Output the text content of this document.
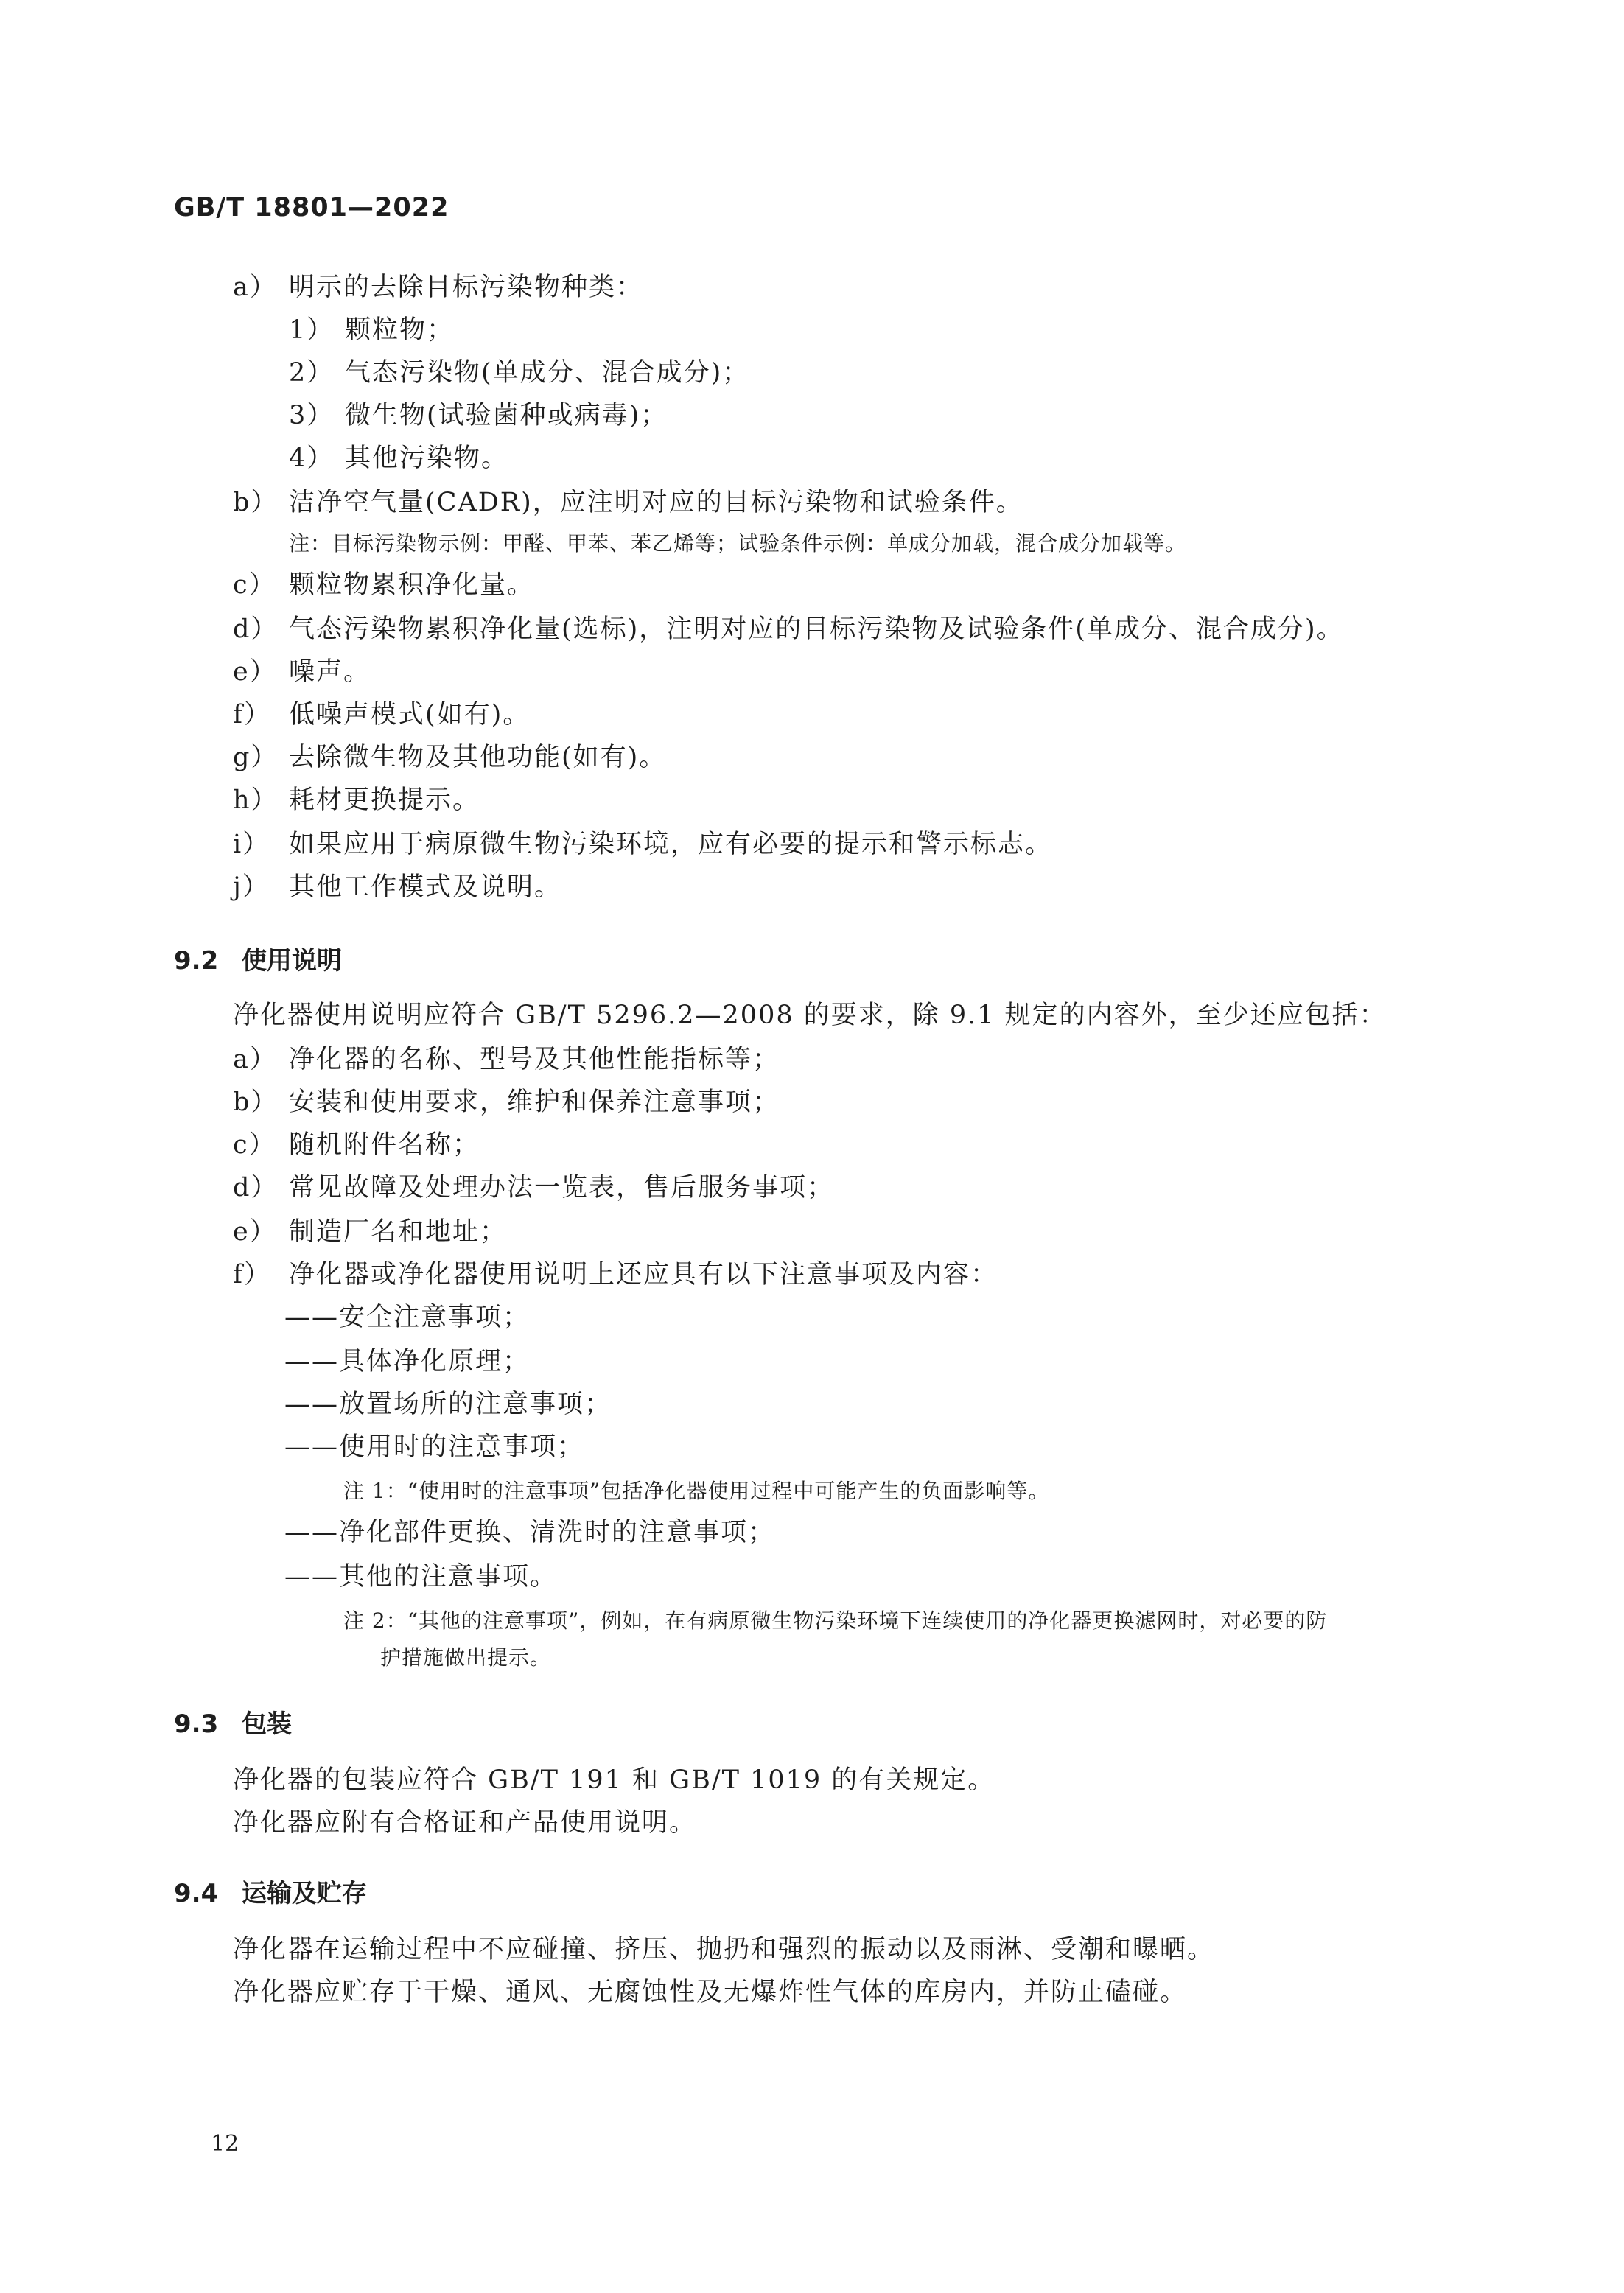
GB/T 18801—2022
a） 明示的去除目标污染物种类：
1） 颗粒物；
2） 气态污染物(单成分、混合成分)；
3） 微生物(试验菌种或病毒)；
4） 其他污染物。
b） 洁净空气量(CADR)，应注明对应的目标污染物和试验条件。
注：目标污染物示例：甲醛、甲苯、苯乙烯等；试验条件示例：单成分加载，混合成分加载等。
c） 颗粒物累积净化量。
d） 气态污染物累积净化量(选标)，注明对应的目标污染物及试验条件(单成分、混合成分)。
e） 噪声。
f） 低噪声模式(如有)。
g） 去除微生物及其他功能(如有)。
h） 耗材更换提示。
i） 如果应用于病原微生物污染环境，应有必要的提示和警示标志。
j） 其他工作模式及说明。
9.2 使用说明
净化器使用说明应符合 GB/T 5296.2—2008 的要求，除 9.1 规定的内容外，至少还应包括：
a） 净化器的名称、型号及其他性能指标等；
b） 安装和使用要求，维护和保养注意事项；
c） 随机附件名称；
d） 常见故障及处理办法一览表，售后服务事项；
e） 制造厂名和地址；
f） 净化器或净化器使用说明上还应具有以下注意事项及内容：
——安全注意事项；
——具体净化原理；
——放置场所的注意事项；
——使用时的注意事项；
注 1：“使用时的注意事项”包括净化器使用过程中可能产生的负面影响等。
——净化部件更换、清洗时的注意事项；
——其他的注意事项。
注 2：“其他的注意事项”，例如，在有病原微生物污染环境下连续使用的净化器更换滤网时，对必要的防
护措施做出提示。
9.3 包装
净化器的包装应符合 GB/T 191 和 GB/T 1019 的有关规定。
净化器应附有合格证和产品使用说明。
9.4 运输及贮存
净化器在运输过程中不应碰撞、挤压、抛扔和强烈的振动以及雨淋、受潮和曝晒。
净化器应贮存于干燥、通风、无腐蚀性及无爆炸性气体的库房内，并防止磕碰。
12
